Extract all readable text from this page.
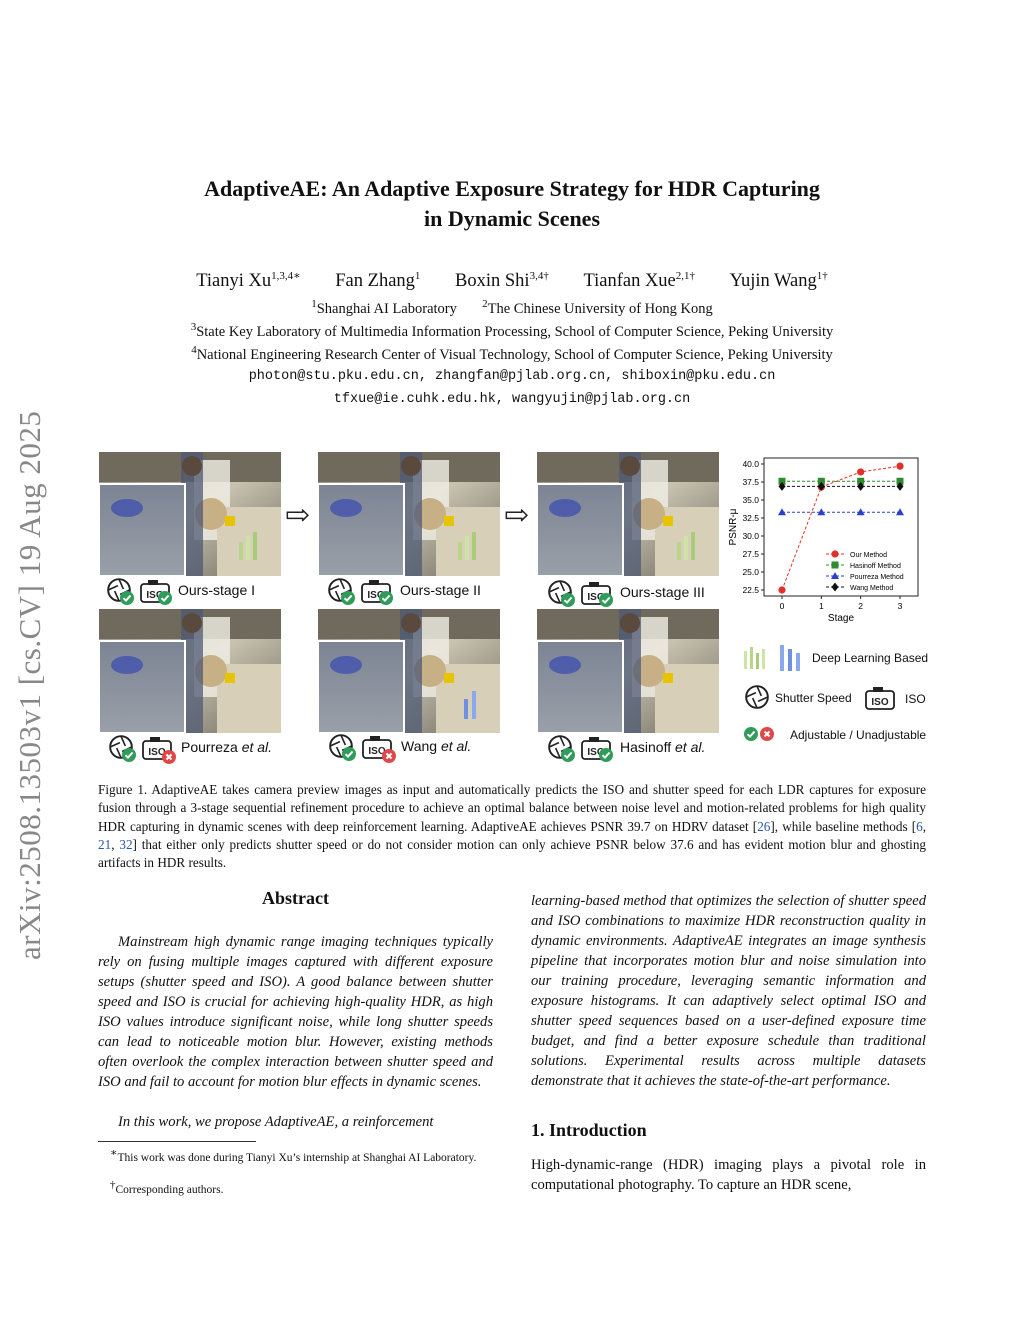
arXiv:2508.13503v1 [cs.CV] 19 Aug 2025
AdaptiveAE: An Adaptive Exposure Strategy for HDR Capturing
in Dynamic Scenes
Tianyi $Xu^{1,3,4∗}$ Fan Zhang$^1$ Boxin Shi$^{3,4\dagger}$ Tianfan Xue$^{2,1\dagger}$ Yujin Wang$^{1\dagger}$
$^1$Shanghai AI Laboratory $^2$The Chinese University of Hong Kong
$^3$State Key Laboratory of Multimedia Information Processing, School of Computer Science, Peking University
$^4$National Engineering Research Center of Visual Technology, School of Computer Science, Peking University
photon@stu.pku.edu.cn, zhangfan@pjlab.org.cn, shiboxin@pku.edu.cn
tfxue@ie.cuhk.edu.hk, wangyujin@pjlab.org.cn
⇨	⇨
Ours-stage I	Ours-stage II	Ours-stage III
Pourreza et al.	Wang et al.	Hasinoff et al.
40.0
37.5
35.0
32.5
30.0
27.5
25.0
22.5
0	1	2	3
Stage
PSNR-μ
Our Method
Hasinoff Method
Pourreza Method
Wang Method
Deep Learning Based
Shutter Speed	ISO
Adjustable / Unadjustable
Figure 1. AdaptiveAE takes camera preview images as input and automatically predicts the ISO and shutter speed for each LDR captures for exposure fusion through a 3-stage sequential refinement procedure to achieve an optimal balance between noise level and motion-related problems for high quality HDR capturing in dynamic scenes with deep reinforcement learning. AdaptiveAE achieves PSNR 39.7 on HDRV dataset [26], while baseline methods [6, 21, 32] that either only predicts shutter speed or do not consider motion can only achieve PSNR below 37.6 and has evident motion blur and ghosting artifacts in HDR results.
Abstract
Mainstream high dynamic range imaging techniques typically rely on fusing multiple images captured with different exposure setups (shutter speed and ISO). A good balance between shutter speed and ISO is crucial for achieving high-quality HDR, as high ISO values introduce significant noise, while long shutter speeds can lead to noticeable motion blur. However, existing methods often overlook the complex interaction between shutter speed and ISO and fail to account for motion blur effects in dynamic scenes.
In this work, we propose AdaptiveAE, a reinforcement
∗This work was done during Tianyi Xu’s internship at Shanghai AI Laboratory.
†Corresponding authors.
learning-based method that optimizes the selection of shutter speed and ISO combinations to maximize HDR reconstruction quality in dynamic environments. AdaptiveAE integrates an image synthesis pipeline that incorporates motion blur and noise simulation into our training procedure, leveraging semantic information and exposure histograms. It can adaptively select optimal ISO and shutter speed sequences based on a user-defined exposure time budget, and find a better exposure schedule than traditional solutions. Experimental results across multiple datasets demonstrate that it achieves the state-of-the-art performance.
1. Introduction
High-dynamic-range (HDR) imaging plays a pivotal role in computational photography. To capture an HDR scene,
